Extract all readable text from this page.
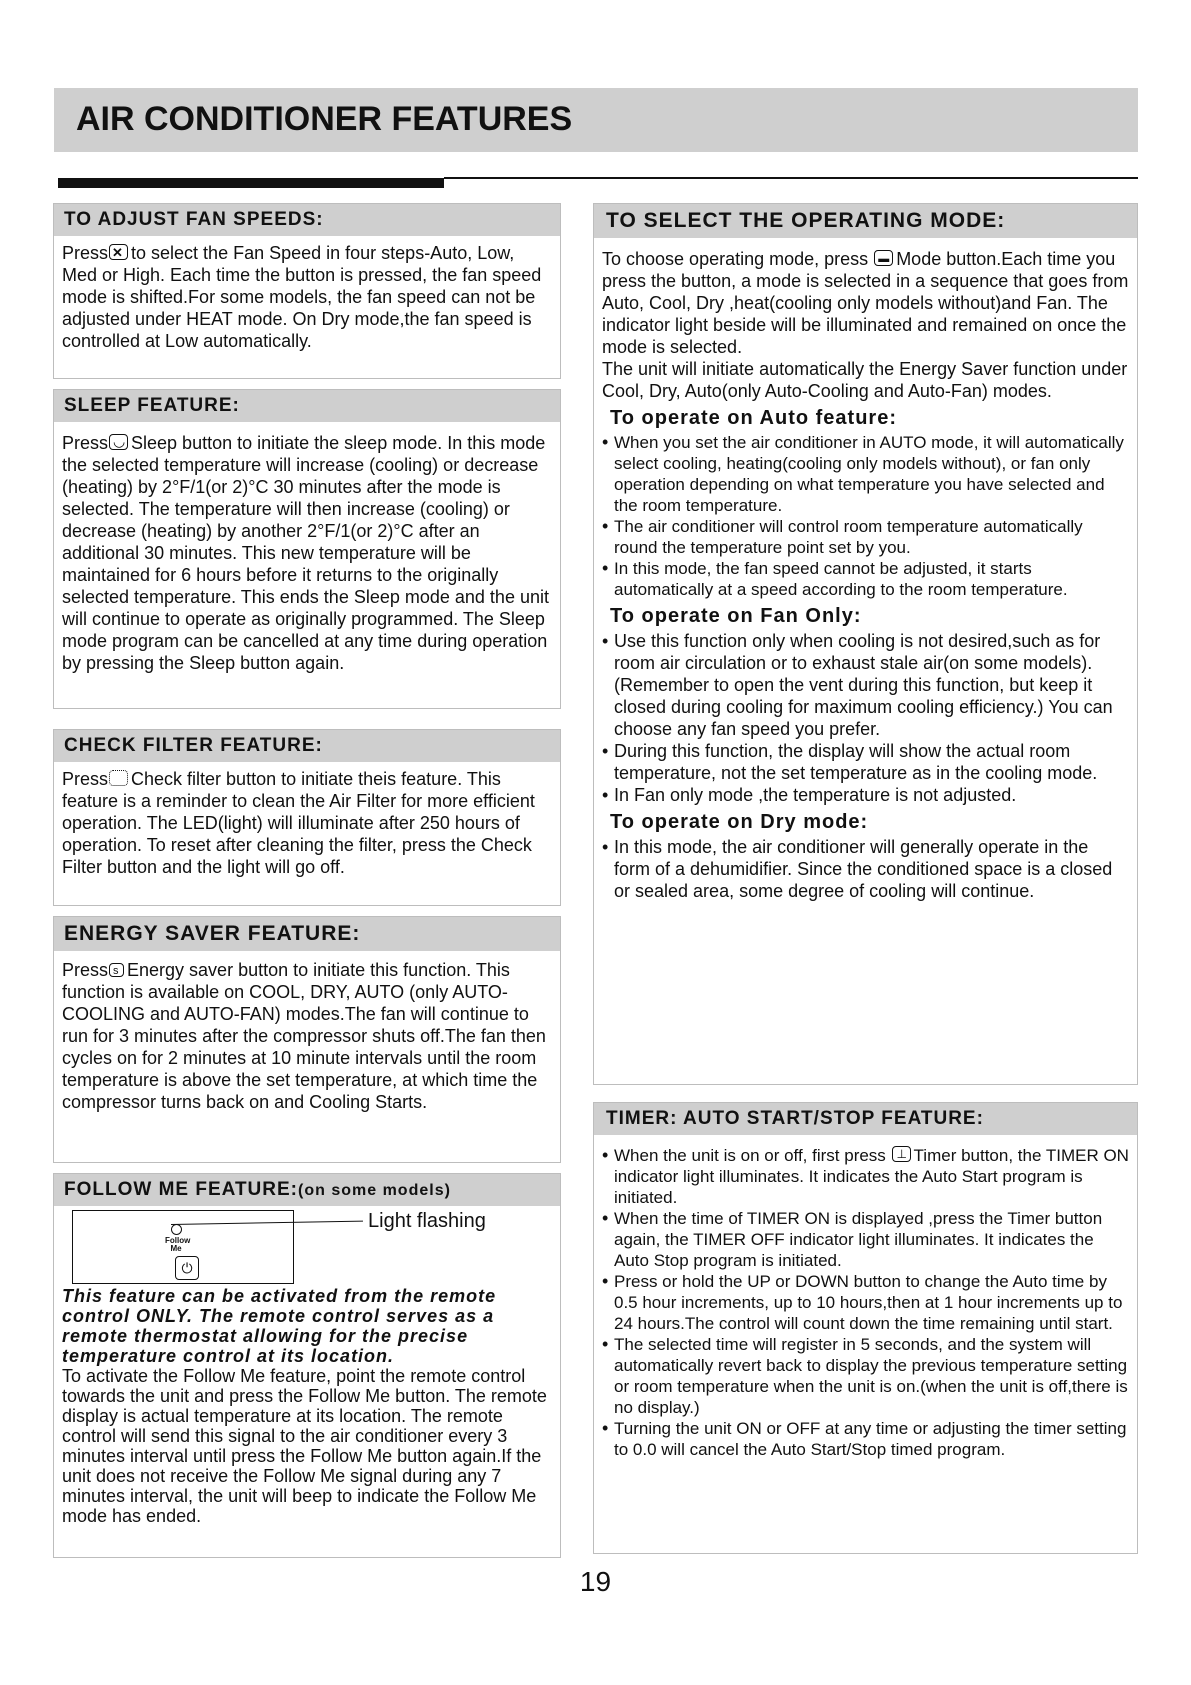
AIR CONDITIONER FEATURES
TO ADJUST FAN SPEEDS:

Press ✕ to select the Fan Speed in four steps-Auto, Low, Med or High. Each time the button is pressed, the fan speed mode is shifted.For some models, the fan speed can not be adjusted under HEAT mode. On Dry mode,the fan speed is controlled at Low automatically.

SLEEP FEATURE:

Press ◡ Sleep button to initiate the sleep mode. In this mode the selected temperature will increase (cooling) or decrease (heating) by 2°F/1(or 2)°C 30 minutes after the mode is selected. The temperature will then increase (cooling) or decrease (heating) by another 2°F/1(or 2)°C after an additional 30 minutes. This new temperature will be maintained for 6 hours before it returns to the originally selected temperature. This ends the Sleep mode and the unit will continue to operate as originally programmed. The Sleep mode program can be cancelled at any time during operation by pressing the Sleep button again.

CHECK FILTER FEATURE:

Press Check filter button to initiate theis feature. This feature is a reminder to clean the Air Filter for more efficient operation. The LED(light) will illuminate after 250 hours of operation. To reset after cleaning the filter, press the Check Filter button and the light will go off.

ENERGY SAVER FEATURE:

Press s Energy saver button to initiate this function. This function is available on COOL, DRY, AUTO (only AUTO-COOLING and AUTO-FAN) modes.The fan will continue to run for 3 minutes after the compressor shuts off.The fan then cycles on for 2 minutes at 10 minute intervals until the room temperature is above the set temperature, at which time the compressor turns back on and Cooling Starts.

FOLLOW ME FEATURE:(on some models)
Follow Me
⏻
Light flashing

This feature can be activated from the remote control ONLY. The remote control serves as a remote thermostat allowing for the precise temperature control at its location.

To activate the Follow Me feature, point the remote control towards the unit and press the Follow Me button. The remote display is actual temperature at its location. The remote control will send this signal to the air conditioner every 3 minutes interval until press the Follow Me button again.If the unit does not receive the Follow Me signal during any 7 minutes interval, the unit will beep to indicate the Follow Me mode has ended.

TO SELECT THE OPERATING MODE:

To choose operating mode, press ▬ Mode button.Each time you press the button, a mode is selected in a sequence that goes from Auto, Cool, Dry ,heat(cooling only models without)and Fan. The indicator light beside will be illuminated and remained on once the mode is selected.

The unit will initiate automatically the Energy Saver function under Cool, Dry, Auto(only Auto-Cooling and Auto-Fan) modes.

To operate on Auto feature:
• When you set the air conditioner in AUTO mode, it will automatically select cooling, heating(cooling only models without), or fan only operation depending on what temperature you have selected and the room temperature.
• The air conditioner will control room temperature automatically round the temperature point set by you.
• In this mode, the fan speed cannot be adjusted, it starts automatically at a speed according to the room temperature.
To operate on Fan Only:
• Use this function only when cooling is not desired,such as for room air circulation or to exhaust stale air(on some models). (Remember to open the vent during this function, but keep it closed during cooling for maximum cooling efficiency.) You can choose any fan speed you prefer.
• During this function, the display will show the actual room temperature, not the set temperature as in the cooling mode.
• In Fan only mode ,the temperature is not adjusted.
To operate on Dry mode:
• In this mode, the air conditioner will generally operate in the form of a dehumidifier. Since the conditioned space is a closed or sealed area, some degree of cooling will continue.
TIMER: AUTO START/STOP FEATURE:
• When the unit is on or off, first press ⊥ Timer button, the TIMER ON indicator light illuminates. It indicates the Auto Start program is initiated.
• When the time of TIMER ON is displayed ,press the Timer button again, the TIMER OFF indicator light illuminates. It indicates the Auto Stop program is initiated.
• Press or hold the UP or DOWN button to change the Auto time by 0.5 hour increments, up to 10 hours,then at 1 hour increments up to 24 hours.The control will count down the time remaining until start.
• The selected time will register in 5 seconds, and the system will automatically revert back to display the previous temperature setting or room temperature when the unit is on.(when the unit is off,there is no display.)
• Turning the unit ON or OFF at any time or adjusting the timer setting to 0.0 will cancel the Auto Start/Stop timed program.
19
